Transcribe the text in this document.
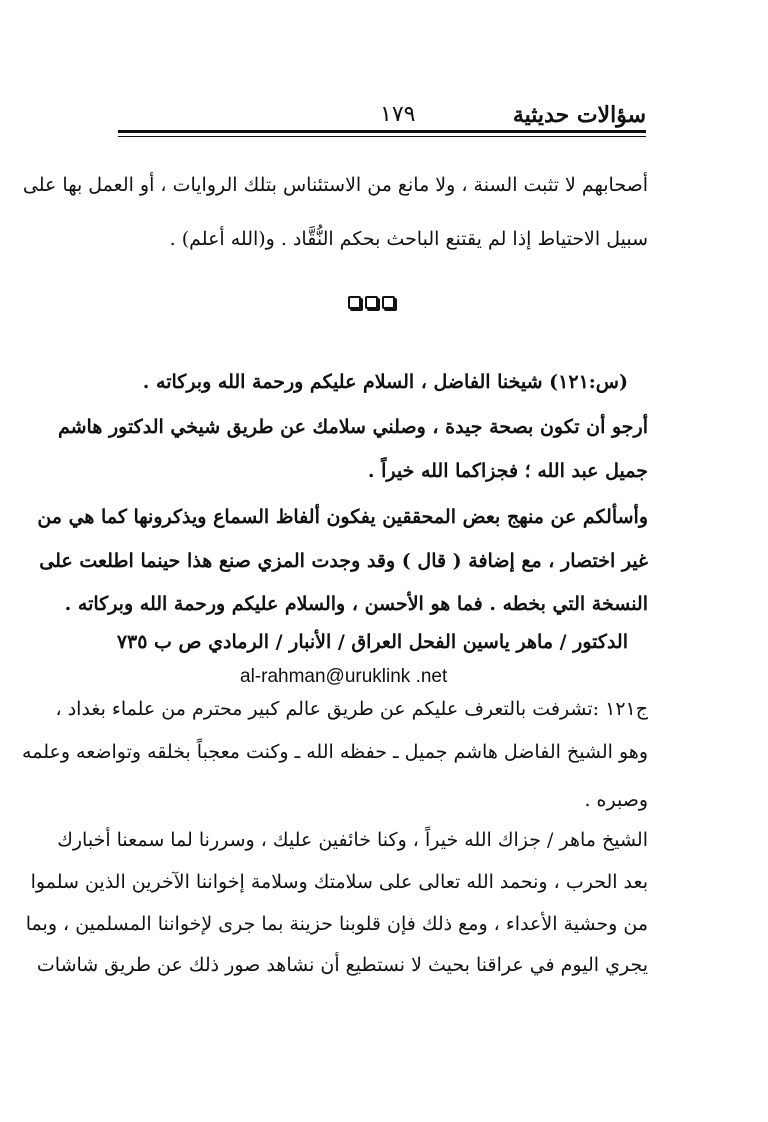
سؤالات حديثية
١٧٩
أصحابهم لا تثبت السنة ، ولا مانع من الاستئناس بتلك الروايات ، أو العمل بها على
سبيل الاحتياط إذا لم يقتنع الباحث بحكم النُّقَّاد . و(الله أعلم) .
(س:١٢١) شيخنا الفاضل ، السلام عليكم ورحمة الله وبركاته .
أرجو أن تكون بصحة جيدة ، وصلني سلامك عن طريق شيخي الدكتور هاشم
جميل عبد الله ؛ فجزاكما الله خيراً .
وأسألكم عن منهج بعض المحققين يفكون ألفاظ السماع ويذكرونها كما هي من
غير اختصار ، مع إضافة ( قال ) وقد وجدت المزي صنع هذا حينما اطلعت على
النسخة التي بخطه . فما هو الأحسن ، والسلام عليكم ورحمة الله وبركاته .
الدكتور / ماهر ياسين الفحل العراق / الأنبار / الرمادي ص ب ٧٣٥
al-rahman@uruklink .net
ج١٢١ :تشرفت بالتعرف عليكم عن طريق عالم كبير محترم من علماء بغداد ،
وهو الشيخ الفاضل هاشم جميل ـ حفظه الله ـ وكنت معجباً بخلقه وتواضعه وعلمه
وصبره .
الشيخ ماهر / جزاك الله خيراً ، وكنا خائفين عليك ، وسررنا لما سمعنا أخبارك
بعد الحرب ، ونحمد الله تعالى على سلامتك وسلامة إخواننا الآخرين الذين سلموا
من وحشية الأعداء ، ومع ذلك فإن قلوبنا حزينة بما جرى لإخواننا المسلمين ، وبما
يجري اليوم في عراقنا بحيث لا نستطيع أن نشاهد صور ذلك عن طريق شاشات
